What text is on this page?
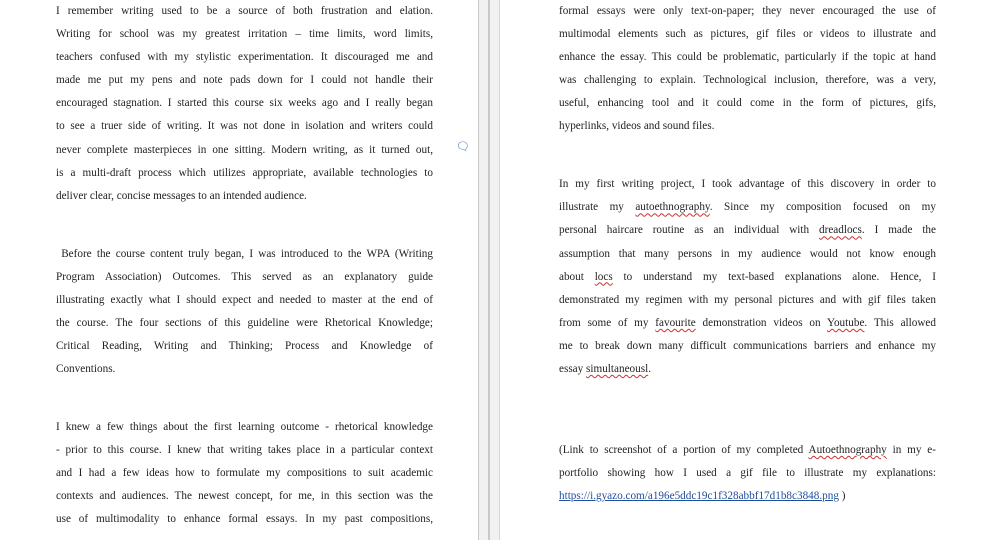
I remember writing used to be a source of both frustration and elation.
Writing for school was my greatest irritation – time limits, word limits,
teachers confused with my stylistic experimentation. It discouraged me and
made me put my pens and note pads down for I could not handle their
encouraged stagnation. I started this course six weeks ago and I really began
to see a truer side of writing. It was not done in isolation and writers could
never complete masterpieces in one sitting. Modern writing, as it turned out,
is a multi-draft process which utilizes appropriate, available technologies to
deliver clear, concise messages to an intended audience.
Before the course content truly began, I was introduced to the WPA (Writing
Program Association) Outcomes. This served as an explanatory guide
illustrating exactly what I should expect and needed to master at the end of
the course. The four sections of this guideline were Rhetorical Knowledge;
Critical Reading, Writing and Thinking; Process and Knowledge of
Conventions.
I knew a few things about the first learning outcome - rhetorical knowledge
- prior to this course. I knew that writing takes place in a particular context
and I had a few ideas how to formulate my compositions to suit academic
contexts and audiences. The newest concept, for me, in this section was the
use of multimodality to enhance formal essays. In my past compositions,
🗨
formal essays were only text-on-paper; they never encouraged the use of
multimodal elements such as pictures, gif files or videos to illustrate and
enhance the essay. This could be problematic, particularly if the topic at hand
was challenging to explain. Technological inclusion, therefore, was a very,
useful, enhancing tool and it could come in the form of pictures, gifs,
hyperlinks, videos and sound files.
In my first writing project, I took advantage of this discovery in order to
illustrate my autoethnography. Since my composition focused on my
personal haircare routine as an individual with dreadlocs. I made the
assumption that many persons in my audience would not know enough
about locs to understand my text-based explanations alone. Hence, I
demonstrated my regimen with my personal pictures and with gif files taken
from some of my favourite demonstration videos on Youtube. This allowed
me to break down many difficult communications barriers and enhance my
essay simultaneousl.
(Link to screenshot of a portion of my completed Autoethnography in my e-
portfolio showing how I used a gif file to illustrate my explanations:
https://i.gyazo.com/a196e5ddc19c1f328abbf17d1b8c3848.png )
